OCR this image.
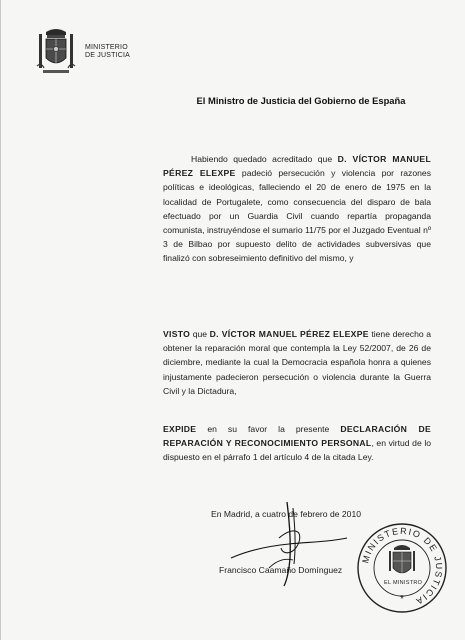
MINISTERIO
DE JUSTICIA
El Ministro de Justicia del Gobierno de España
Habiendo quedado acreditado que D. VÍCTOR MANUEL PÉREZ ELEXPE padeció persecución y violencia por razones políticas e ideológicas, falleciendo el 20 de enero de 1975 en la localidad de Portugalete, como consecuencia del disparo de bala efectuado por un Guardia Civil cuando repartía propaganda comunista, instruyéndose el sumario 11/75 por el Juzgado Eventual nº 3 de Bilbao por supuesto delito de actividades subversivas que finalizó con sobreseimiento definitivo del mismo, y
VISTO que D. VÍCTOR MANUEL PÉREZ ELEXPE tiene derecho a obtener la reparación moral que contempla la Ley 52/2007, de 26 de diciembre, mediante la cual la Democracia española honra a quienes injustamente padecieron persecución o violencia durante la Guerra Civil y la Dictadura,
EXPIDE en su favor la presente DECLARACIÓN DE REPARACIÓN Y RECONOCIMIENTO PERSONAL, en virtud de lo dispuesto en el párrafo 1 del artículo 4 de la citada Ley.
En Madrid, a cuatro de febrero de 2010
Francisco Caamaño Domínguez
MINISTERIO DE JUSTICIA
*
EL MINISTRO
